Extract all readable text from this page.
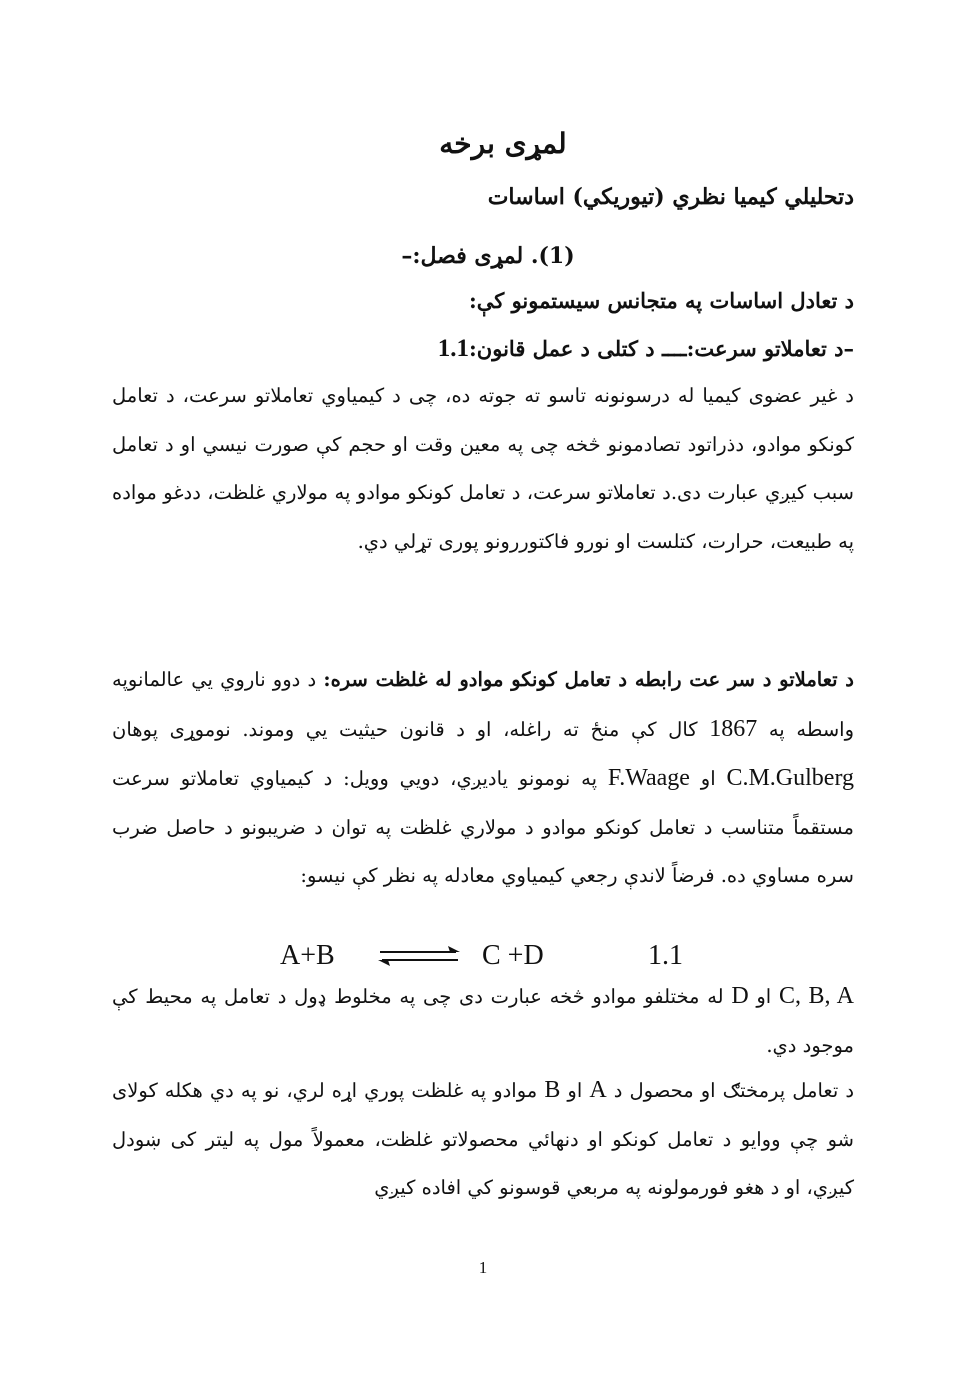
لمړی برخه
دتحلیلي کیمیا نظري (تیوریکي) اساسات
(1). لمړی فصل:–
د تعادل اساسات په متجانس سیستمونو کې:
–د تعاملاتو سرعت:ــــ د کتلی د عمل قانون:1.1
د غیر عضوی کیمیا له درسونونه تاسو ته جوته ده، چی د کیمیاوي تعاملاتو سرعت، د تعامل کونکو موادو، دذراتود تصادمونو څخه چی په معین وقت او حجم کې صورت نیسي او د تعامل سبب کیږي عبارت دی.د تعاملاتو سرعت، د تعامل کونکو موادو په مولاري غلظت، ددغو مواده په طبیعت، حرارت، کتلست او نورو فاکتوررونو پوری تړلي دي.
د تعاملاتو د سر عت رابطه د تعامل کونکو موادو له غلظت سره: د دوو ناروي یي عالمانوپه واسطه په 1867 کال کې منځ ته راغله، او د قانون حیثیت یي وموند. نوموړی پوهان C.M.Gulberg او F.Waage په نومونو یادیږي، دویي وویل: د کیمیاوي تعاملاتو سرعت مستقماً متناسب د تعامل کونکو موادو د مولاري غلظت په توان د ضریبونو د حاصل ضرب سره مساوي ده. فرضاً لاندې رجعي کیمیاوي معادله په نظر کې نیسو:
A+B ⇌ C +D	1.1
C, B, A او D له مختلفو موادو څخه عبارت دی چی په مخلوط ډول د تعامل په محیط کې موجود دي.
د تعامل پرمختګ او محصول د A او B موادو په غلظت پوري اړه لري، نو په دي هکله کولای شو چې ووایو د تعامل کونکو او دنهائي محصولاتو غلظت، معمولاً مول په لیتر کی ښودل کیږي، او د هغو فورمولونه په مربعي قوسونو کي افاده کیږي
1
